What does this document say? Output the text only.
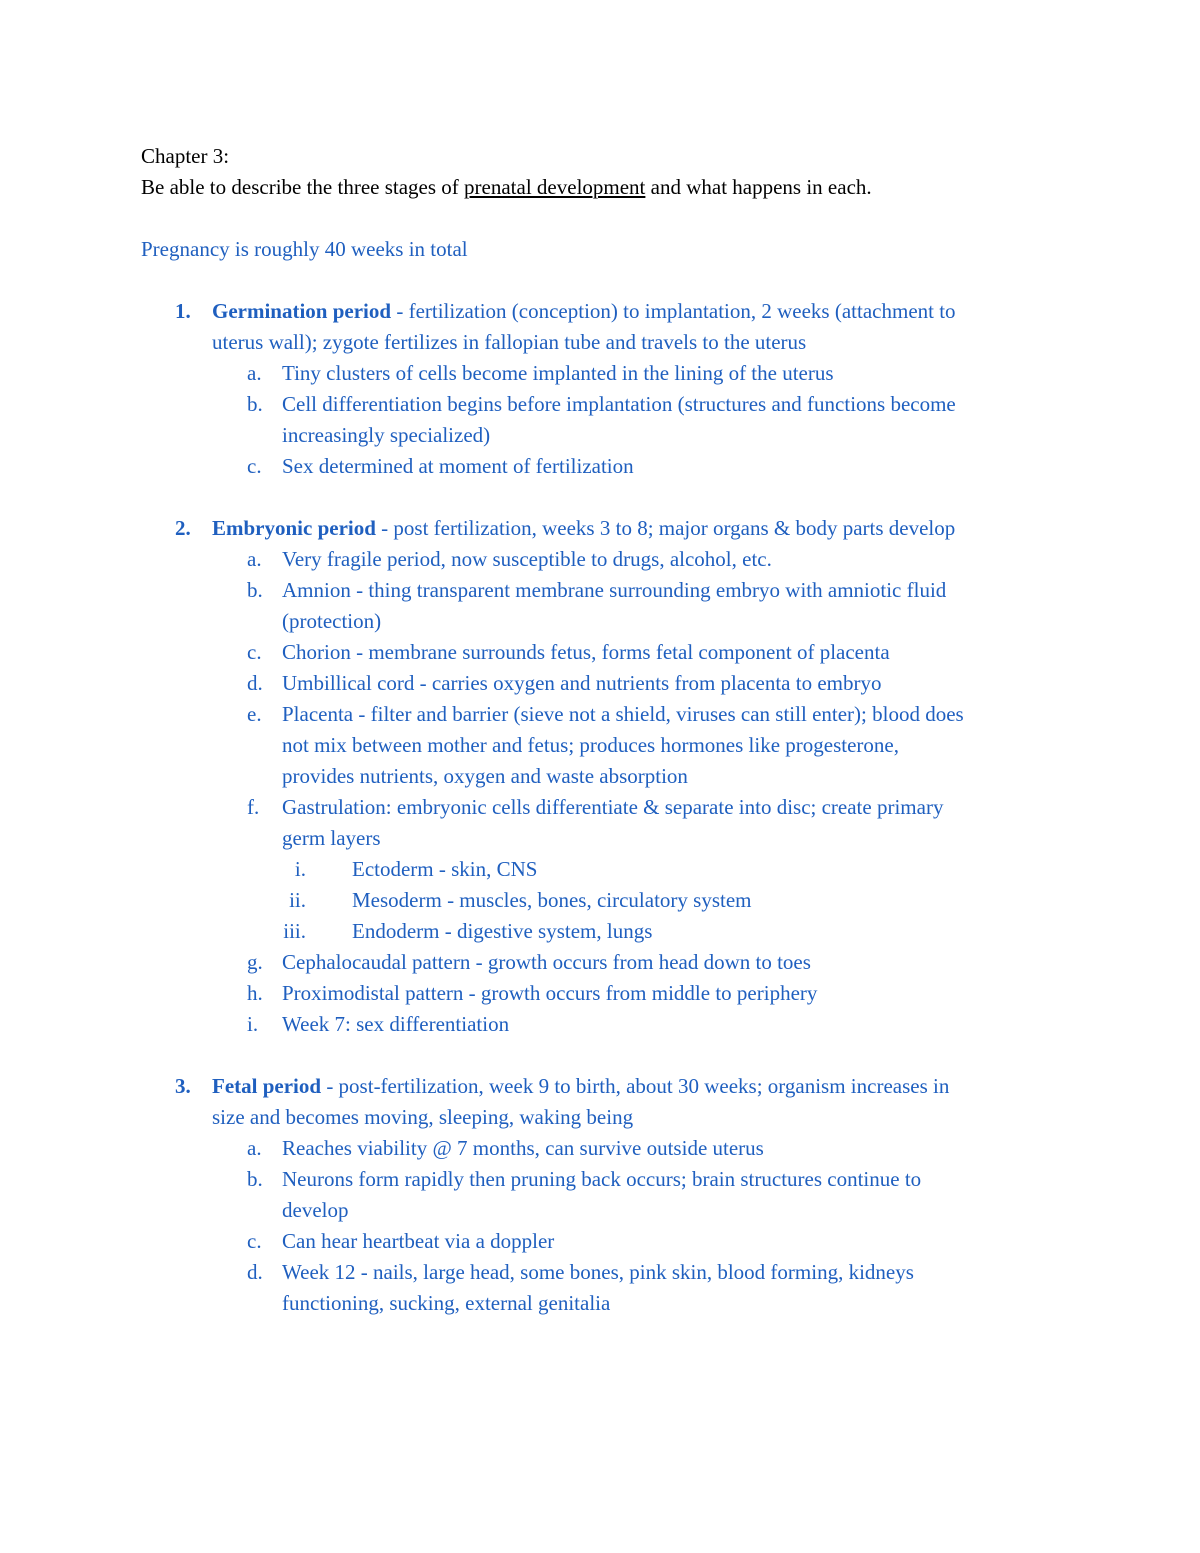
Chapter 3:
Be able to describe the three stages of prenatal development and what happens in each.
Pregnancy is roughly 40 weeks in total
1.	Germination period - fertilization (conception) to implantation, 2 weeks (attachment to
uterus wall); zygote fertilizes in fallopian tube and travels to the uterus
a. Tiny clusters of cells become implanted in the lining of the uterus
b. Cell differentiation begins before implantation (structures and functions become
increasingly specialized)
c. Sex determined at moment of fertilization
2.	Embryonic period - post fertilization, weeks 3 to 8; major organs & body parts develop
a. Very fragile period, now susceptible to drugs, alcohol, etc.
b. Amnion - thing transparent membrane surrounding embryo with amniotic fluid
(protection)
c. Chorion - membrane surrounds fetus, forms fetal component of placenta
d. Umbillical cord - carries oxygen and nutrients from placenta to embryo
e. Placenta - filter and barrier (sieve not a shield, viruses can still enter); blood does
not mix between mother and fetus; produces hormones like progesterone,
provides nutrients, oxygen and waste absorption
f.	Gastrulation: embryonic cells differentiate & separate into disc; create primary
germ layers
i. Ectoderm - skin, CNS
ii. Mesoderm - muscles, bones, circulatory system
iii. Endoderm - digestive system, lungs
g. Cephalocaudal pattern - growth occurs from head down to toes
h. Proximodistal pattern - growth occurs from middle to periphery
i.	Week 7: sex differentiation
3.	Fetal period - post-fertilization, week 9 to birth, about 30 weeks; organism increases in
size and becomes moving, sleeping, waking being
a. Reaches viability @ 7 months, can survive outside uterus
b. Neurons form rapidly then pruning back occurs; brain structures continue to
develop
c. Can hear heartbeat via a doppler
d. Week 12 - nails, large head, some bones, pink skin, blood forming, kidneys
functioning, sucking, external genitalia
